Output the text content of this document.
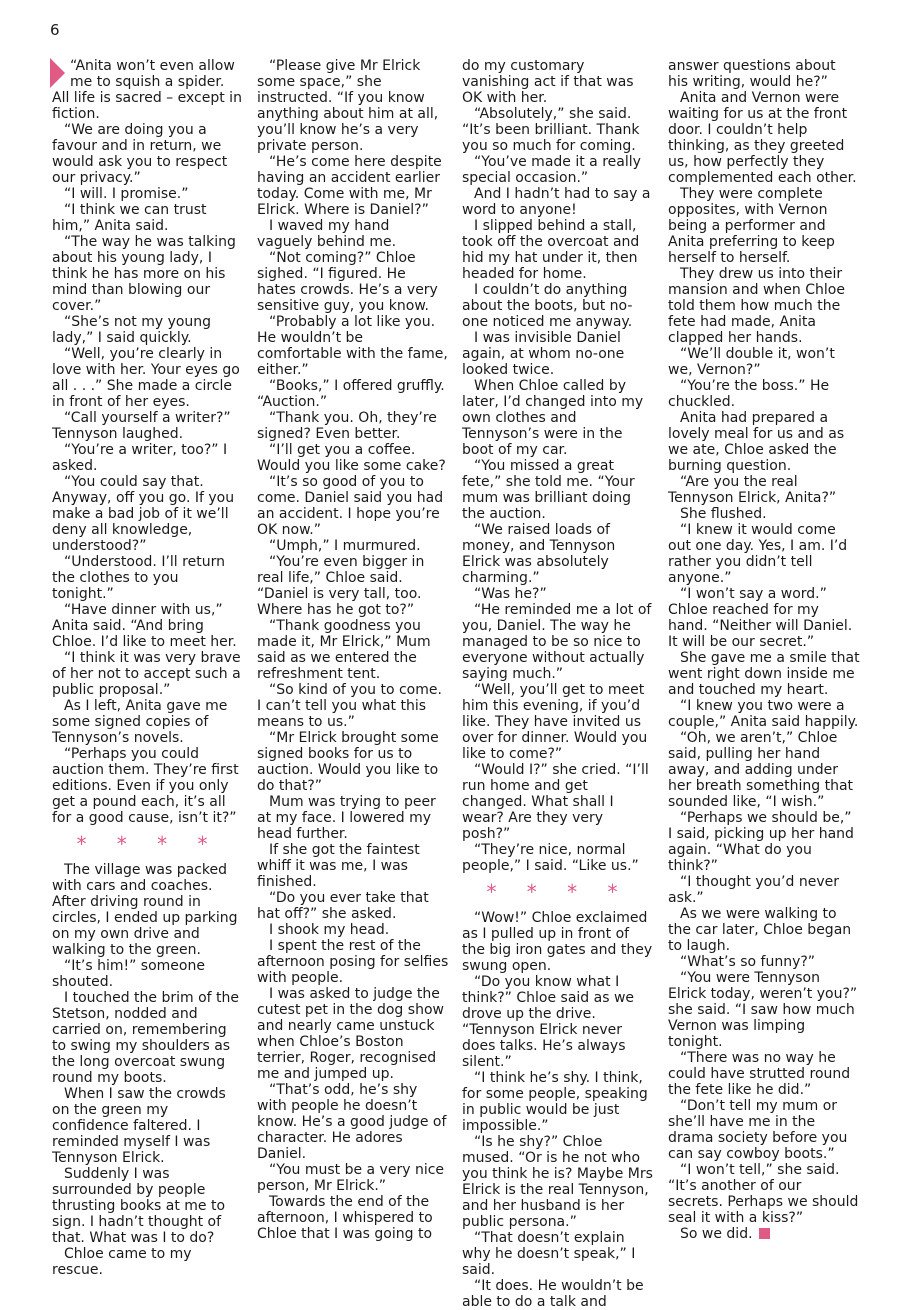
6

“Anita won’t even allow me to squish a spider. All life is sacred – except in fiction.

“We are doing you a favour and in return, we would ask you to respect our privacy.”

“I will. I promise.”

“I think we can trust him,” Anita said.

“The way he was talking about his young lady, I think he has more on his mind than blowing our cover.”

“She’s not my young lady,” I said quickly.

“Well, you’re clearly in love with her. Your eyes go all . . .” She made a circle in front of her eyes.

“Call yourself a writer?” Tennyson laughed.

“You’re a writer, too?” I asked.

“You could say that. Anyway, off you go. If you make a bad job of it we’ll deny all knowledge, understood?”

“Understood. I’ll return the clothes to you tonight.”

“Have dinner with us,” Anita said. “And bring Chloe. I’d like to meet her.

“I think it was very brave of her not to accept such a public proposal.”

As I left, Anita gave me some signed copies of Tennyson’s novels.

“Perhaps you could auction them. They’re first editions. Even if you only get a pound each, it’s all for a good cause, isn’t it?”

* * * *

The village was packed with cars and coaches. After driving round in circles, I ended up parking on my own drive and walking to the green.

“It’s him!” someone shouted.

I touched the brim of the Stetson, nodded and carried on, remembering to swing my shoulders as the long overcoat swung round my boots.

When I saw the crowds on the green my confidence faltered. I reminded myself I was Tennyson Elrick.

Suddenly I was surrounded by people thrusting books at me to sign. I hadn’t thought of that. What was I to do?

Chloe came to my rescue.

“Please give Mr Elrick some space,” she instructed. “If you know anything about him at all, you’ll know he’s a very private person.

“He’s come here despite having an accident earlier today. Come with me, Mr Elrick. Where is Daniel?”

I waved my hand vaguely behind me.

“Not coming?” Chloe sighed. “I figured. He hates crowds. He’s a very sensitive guy, you know.

“Probably a lot like you. He wouldn’t be comfortable with the fame, either.”

“Books,” I offered gruffly. “Auction.”

“Thank you. Oh, they’re signed? Even better.

“I’ll get you a coffee. Would you like some cake?

“It’s so good of you to come. Daniel said you had an accident. I hope you’re OK now.”

“Umph,” I murmured.

“You’re even bigger in real life,” Chloe said. “Daniel is very tall, too. Where has he got to?”

“Thank goodness you made it, Mr Elrick,” Mum said as we entered the refreshment tent.

“So kind of you to come. I can’t tell you what this means to us.”

“Mr Elrick brought some signed books for us to auction. Would you like to do that?”

Mum was trying to peer at my face. I lowered my head further.

If she got the faintest whiff it was me, I was finished.

“Do you ever take that hat off?” she asked.

I shook my head.

I spent the rest of the afternoon posing for selfies with people.

I was asked to judge the cutest pet in the dog show and nearly came unstuck when Chloe’s Boston terrier, Roger, recognised me and jumped up.

“That’s odd, he’s shy with people he doesn’t know. He’s a good judge of character. He adores Daniel.

“You must be a very nice person, Mr Elrick.”

Towards the end of the afternoon, I whispered to Chloe that I was going to

do my customary vanishing act if that was OK with her.

“Absolutely,” she said. “It’s been brilliant. Thank you so much for coming.

“You’ve made it a really special occasion.”

And I hadn’t had to say a word to anyone!

I slipped behind a stall, took off the overcoat and hid my hat under it, then headed for home.

I couldn’t do anything about the boots, but no-one noticed me anyway.

I was invisible Daniel again, at whom no-one looked twice.

When Chloe called by later, I’d changed into my own clothes and Tennyson’s were in the boot of my car.

“You missed a great fete,” she told me. “Your mum was brilliant doing the auction.

“We raised loads of money, and Tennyson Elrick was absolutely charming.”

“Was he?”

“He reminded me a lot of you, Daniel. The way he managed to be so nice to everyone without actually saying much.”

“Well, you’ll get to meet him this evening, if you’d like. They have invited us over for dinner. Would you like to come?”

“Would I?” she cried. “I’ll run home and get changed. What shall I wear? Are they very posh?”

“They’re nice, normal people,” I said. “Like us.”

* * * *

“Wow!” Chloe exclaimed as I pulled up in front of the big iron gates and they swung open.

“Do you know what I think?” Chloe said as we drove up the drive. “Tennyson Elrick never does talks. He’s always silent.”

“I think he’s shy. I think, for some people, speaking in public would be just impossible.”

“Is he shy?” Chloe mused. “Or is he not who you think he is? Maybe Mrs Elrick is the real Tennyson, and her husband is her public persona.”

“That doesn’t explain why he doesn’t speak,” I said.

“It does. He wouldn’t be able to do a talk and

answer questions about his writing, would he?”

Anita and Vernon were waiting for us at the front door. I couldn’t help thinking, as they greeted us, how perfectly they complemented each other.

They were complete opposites, with Vernon being a performer and Anita preferring to keep herself to herself.

They drew us into their mansion and when Chloe told them how much the fete had made, Anita clapped her hands.

“We’ll double it, won’t we, Vernon?”

“You’re the boss.” He chuckled.

Anita had prepared a lovely meal for us and as we ate, Chloe asked the burning question.

“Are you the real Tennyson Elrick, Anita?”

She flushed.

“I knew it would come out one day. Yes, I am. I’d rather you didn’t tell anyone.”

“I won’t say a word.” Chloe reached for my hand. “Neither will Daniel. It will be our secret.”

She gave me a smile that went right down inside me and touched my heart.

“I knew you two were a couple,” Anita said happily.

“Oh, we aren’t,” Chloe said, pulling her hand away, and adding under her breath something that sounded like, “I wish.”

“Perhaps we should be,” I said, picking up her hand again. “What do you think?”

“I thought you’d never ask.”

As we were walking to the car later, Chloe began to laugh.

“What’s so funny?”

“You were Tennyson Elrick today, weren’t you?” she said. “I saw how much Vernon was limping tonight.

“There was no way he could have strutted round the fete like he did.”

“Don’t tell my mum or she’ll have me in the drama society before you can say cowboy boots.”

“I won’t tell,” she said. “It’s another of our secrets. Perhaps we should seal it with a kiss?”

So we did.
